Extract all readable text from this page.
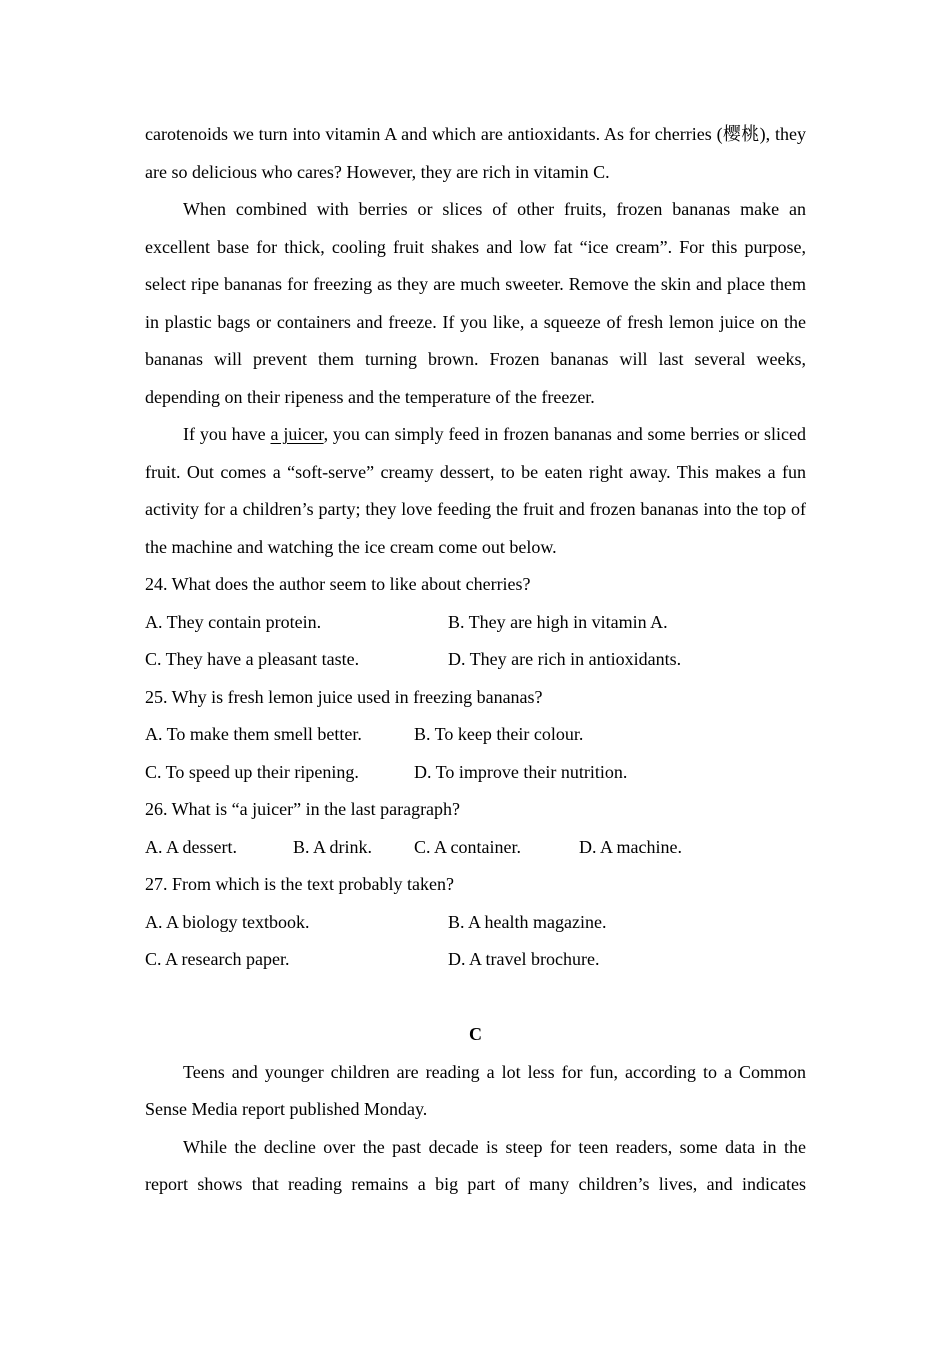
carotenoids we turn into vitamin A and which are antioxidants. As for cherries (樱桃), they are so delicious who cares? However, they are rich in vitamin C.

When combined with berries or slices of other fruits, frozen bananas make an excellent base for thick, cooling fruit shakes and low fat “ice cream”. For this purpose, select ripe bananas for freezing as they are much sweeter. Remove the skin and place them in plastic bags or containers and freeze. If you like, a squeeze of fresh lemon juice on the bananas will prevent them turning brown. Frozen bananas will last several weeks, depending on their ripeness and the temperature of the freezer.

If you have a juicer, you can simply feed in frozen bananas and some berries or sliced fruit. Out comes a “soft-serve” creamy dessert, to be eaten right away. This makes a fun activity for a children’s party; they love feeding the fruit and frozen bananas into the top of the machine and watching the ice cream come out below.

24. What does the author seem to like about cherries?

A. They contain protein.	B. They are high in vitamin A.
C. They have a pleasant taste.	D. They are rich in antioxidants.

25. Why is fresh lemon juice used in freezing bananas?

A. To make them smell better.	B. To keep their colour.
C. To speed up their ripening.	D. To improve their nutrition.

26. What is “a juicer” in the last paragraph?

A. A dessert.	B. A drink. C. A container.	D. A machine.

27. From which is the text probably taken?

A. A biology textbook.	B. A health magazine.
C. A research paper.	D. A travel brochure.

C

Teens and younger children are reading a lot less for fun, according to a Common Sense Media report published Monday.

While the decline over the past decade is steep for teen readers, some data in the report shows that reading remains a big part of many children’s lives, and indicates
